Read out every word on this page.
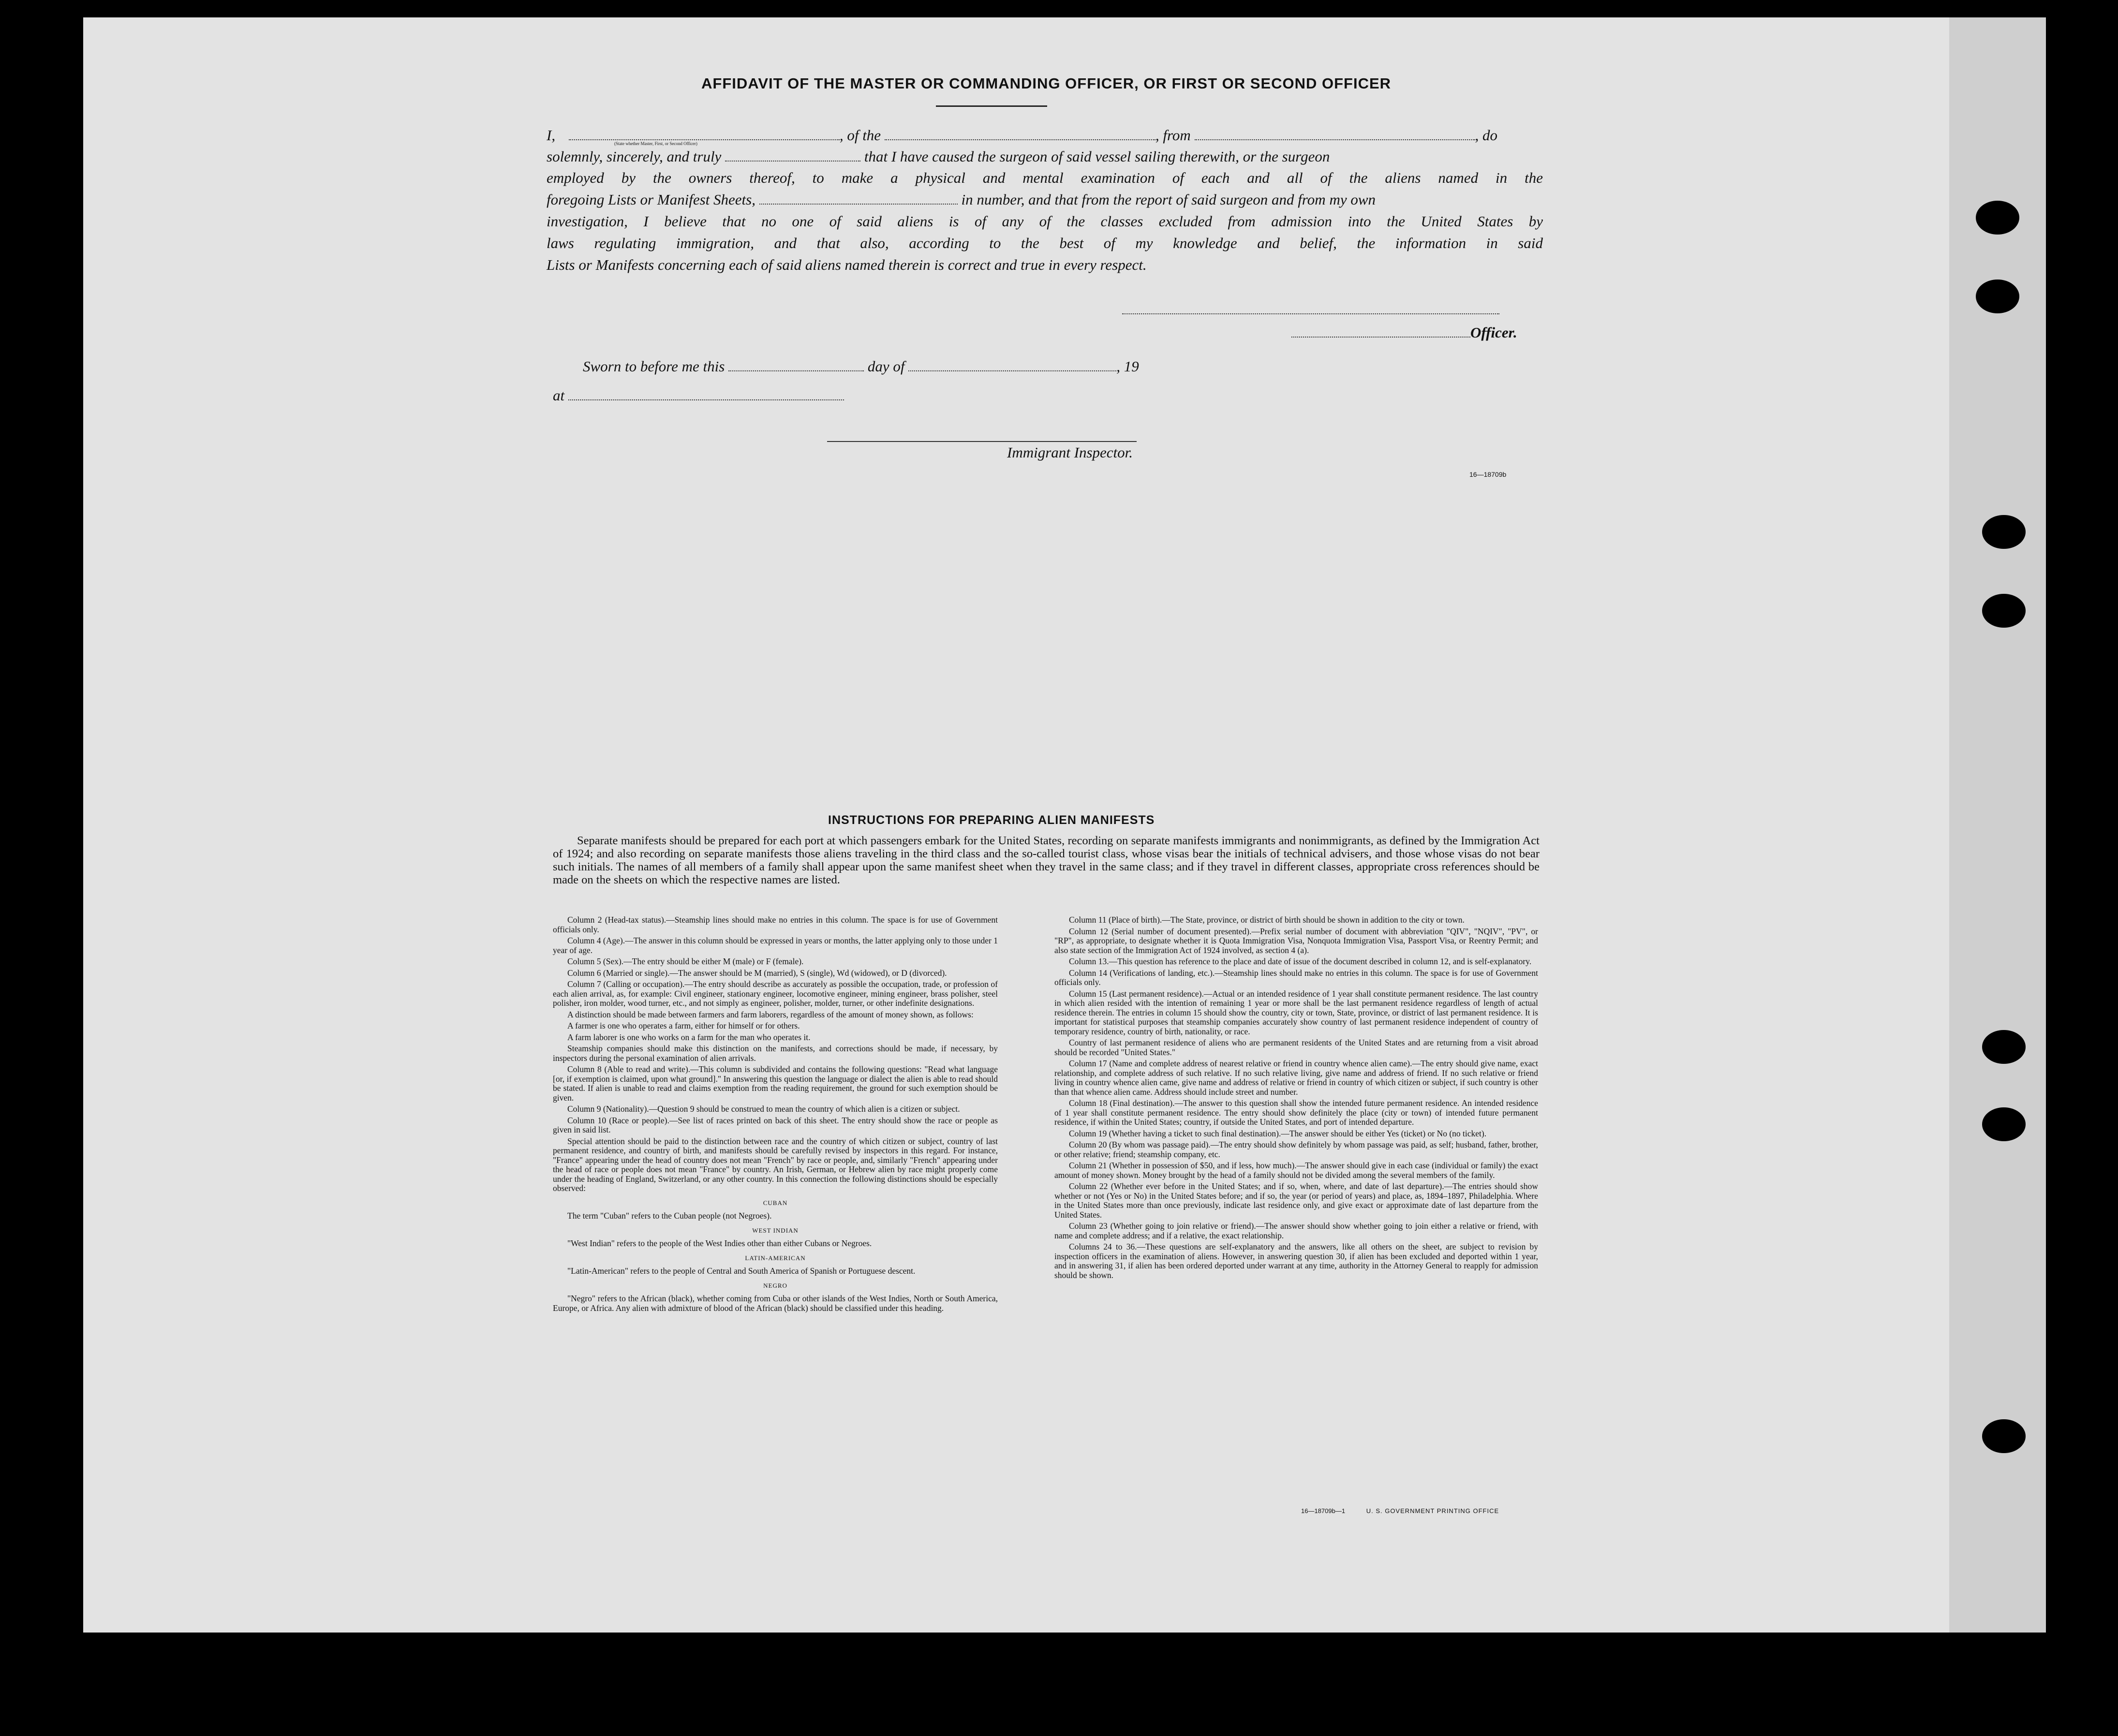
AFFIDAVIT OF THE MASTER OR COMMANDING OFFICER, OR FIRST OR SECOND OFFICER
I,	, of the	, from	, do
(State whether Master, First, or Second Officer)
solemnly, sincerely, and truly	that I have caused the surgeon of said vessel sailing therewith, or the surgeon
employed by the owners thereof, to make a physical and mental examination of each and all of the aliens named in the
foregoing Lists or Manifest Sheets,	in number, and that from the report of said surgeon and from my own
investigation, I believe that no one of said aliens is of any of the classes excluded from admission into the United States by
laws regulating immigration, and that also, according to the best of my knowledge and belief, the information in said
Lists or Manifests concerning each of said aliens named therein is correct and true in every respect.
Officer.
Sworn to before me this	day of	, 19
at
Immigrant Inspector.
16—18709b
INSTRUCTIONS FOR PREPARING ALIEN MANIFESTS
Separate manifests should be prepared for each port at which passengers embark for the United States, recording on separate manifests immigrants and nonimmigrants, as defined by the Immigration Act of 1924; and also recording on separate manifests those aliens traveling in the third class and the so-called tourist class, whose visas bear the initials of technical advisers, and those whose visas do not bear such initials. The names of all members of a family shall appear upon the same manifest sheet when they travel in the same class; and if they travel in different classes, appropriate cross references should be made on the sheets on which the respective names are listed.

Column 2 (Head-tax status).—Steamship lines should make no entries in this column. The space is for use of Government officials only.

Column 4 (Age).—The answer in this column should be expressed in years or months, the latter applying only to those under 1 year of age.

Column 5 (Sex).—The entry should be either M (male) or F (female).

Column 6 (Married or single).—The answer should be M (married), S (single), Wd (widowed), or D (divorced).

Column 7 (Calling or occupation).—The entry should describe as accurately as possible the occupation, trade, or profession of each alien arrival, as, for example: Civil engineer, stationary engineer, locomotive engineer, mining engineer, brass polisher, steel polisher, iron molder, wood turner, etc., and not simply as engineer, polisher, molder, turner, or other indefinite designations.

A distinction should be made between farmers and farm laborers, regardless of the amount of money shown, as follows:

A farmer is one who operates a farm, either for himself or for others.

A farm laborer is one who works on a farm for the man who operates it.

Steamship companies should make this distinction on the manifests, and corrections should be made, if necessary, by inspectors during the personal examination of alien arrivals.

Column 8 (Able to read and write).—This column is subdivided and contains the following questions: "Read what language [or, if exemption is claimed, upon what ground]." In answering this question the language or dialect the alien is able to read should be stated. If alien is unable to read and claims exemption from the reading requirement, the ground for such exemption should be given.

Column 9 (Nationality).—Question 9 should be construed to mean the country of which alien is a citizen or subject.

Column 10 (Race or people).—See list of races printed on back of this sheet. The entry should show the race or people as given in said list.

Special attention should be paid to the distinction between race and the country of which citizen or subject, country of last permanent residence, and country of birth, and manifests should be carefully revised by inspectors in this regard. For instance, "France" appearing under the head of country does not mean "French" by race or people, and, similarly "French" appearing under the head of race or people does not mean "France" by country. An Irish, German, or Hebrew alien by race might properly come under the heading of England, Switzerland, or any other country. In this connection the following distinctions should be especially observed:

CUBAN

The term "Cuban" refers to the Cuban people (not Negroes).

WEST INDIAN

"West Indian" refers to the people of the West Indies other than either Cubans or Negroes.

LATIN-AMERICAN

"Latin-American" refers to the people of Central and South America of Spanish or Portuguese descent.

NEGRO

"Negro" refers to the African (black), whether coming from Cuba or other islands of the West Indies, North or South America, Europe, or Africa. Any alien with admixture of blood of the African (black) should be classified under this heading.

Column 11 (Place of birth).—The State, province, or district of birth should be shown in addition to the city or town.

Column 12 (Serial number of document presented).—Prefix serial number of document with abbreviation "QIV", "NQIV", "PV", or "RP", as appropriate, to designate whether it is Quota Immigration Visa, Nonquota Immigration Visa, Passport Visa, or Reentry Permit; and also state section of the Immigration Act of 1924 involved, as section 4 (a).

Column 13.—This question has reference to the place and date of issue of the document described in column 12, and is self-explanatory.

Column 14 (Verifications of landing, etc.).—Steamship lines should make no entries in this column. The space is for use of Government officials only.

Column 15 (Last permanent residence).—Actual or an intended residence of 1 year shall constitute permanent residence. The last country in which alien resided with the intention of remaining 1 year or more shall be the last permanent residence regardless of length of actual residence therein. The entries in column 15 should show the country, city or town, State, province, or district of last permanent residence. It is important for statistical purposes that steamship companies accurately show country of last permanent residence independent of country of temporary residence, country of birth, nationality, or race.

Country of last permanent residence of aliens who are permanent residents of the United States and are returning from a visit abroad should be recorded "United States."

Column 17 (Name and complete address of nearest relative or friend in country whence alien came).—The entry should give name, exact relationship, and complete address of such relative. If no such relative living, give name and address of friend. If no such relative or friend living in country whence alien came, give name and address of relative or friend in country of which citizen or subject, if such country is other than that whence alien came. Address should include street and number.

Column 18 (Final destination).—The answer to this question shall show the intended future permanent residence. An intended residence of 1 year shall constitute permanent residence. The entry should show definitely the place (city or town) of intended future permanent residence, if within the United States; country, if outside the United States, and port of intended departure.

Column 19 (Whether having a ticket to such final destination).—The answer should be either Yes (ticket) or No (no ticket).

Column 20 (By whom was passage paid).—The entry should show definitely by whom passage was paid, as self; husband, father, brother, or other relative; friend; steamship company, etc.

Column 21 (Whether in possession of $50, and if less, how much).—The answer should give in each case (individual or family) the exact amount of money shown. Money brought by the head of a family should not be divided among the several members of the family.

Column 22 (Whether ever before in the United States; and if so, when, where, and date of last departure).—The entries should show whether or not (Yes or No) in the United States before; and if so, the year (or period of years) and place, as, 1894–1897, Philadelphia. Where in the United States more than once previously, indicate last residence only, and give exact or approximate date of last departure from the United States.

Column 23 (Whether going to join relative or friend).—The answer should show whether going to join either a relative or friend, with name and complete address; and if a relative, the exact relationship.

Columns 24 to 36.—These questions are self-explanatory and the answers, like all others on the sheet, are subject to revision by inspection officers in the examination of aliens. However, in answering question 30, if alien has been excluded and deported within 1 year, and in answering 31, if alien has been ordered deported under warrant at any time, authority in the Attorney General to reapply for admission should be shown.

16—18709b—1	U. S. GOVERNMENT PRINTING OFFICE
